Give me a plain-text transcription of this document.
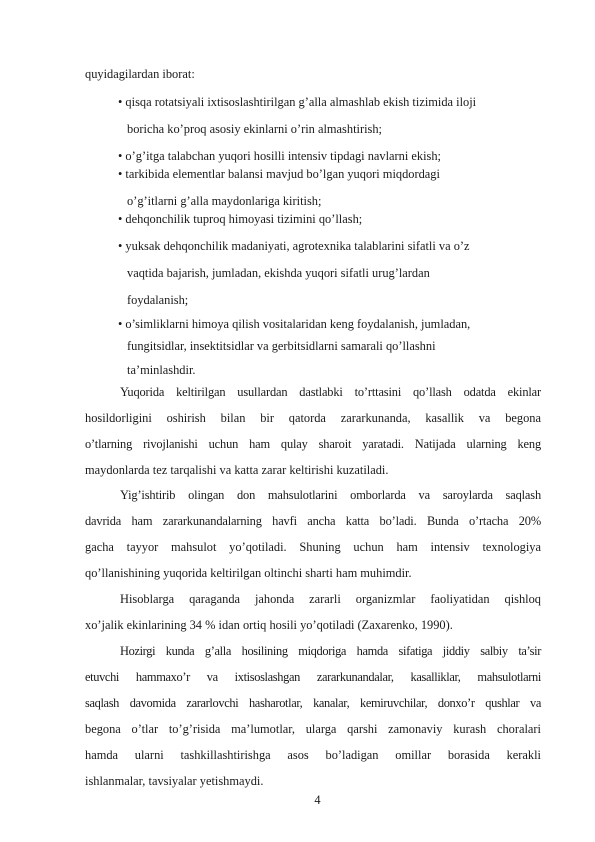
quyidagilardan iborat:
• qisqa rotatsiyali ixtisoslashtirilgan g’alla almashlab ekish tizimida iloji
boricha ko’proq asosiy ekinlarni o’rin almashtirish;
• o’g’itga talabchan yuqori hosilli intensiv tipdagi navlarni ekish;
• tarkibida elementlar balansi mavjud bo’lgan yuqori miqdordagi
o’g’itlarni g’alla maydonlariga kiritish;
• dehqonchilik tuproq himoyasi tizimini qo’llash;
• yuksak dehqonchilik madaniyati, agrotexnika talablarini sifatli va o’z
vaqtida bajarish, jumladan, ekishda yuqori sifatli urug’lardan
foydalanish;
• o’simliklarni himoya qilish vositalaridan keng foydalanish, jumladan,
fungitsidlar, insektitsidlar va gerbitsidlarni samarali qo’llashni
ta’minlashdir.
Yuqorida keltirilgan usullardan dastlabki to’rttasini qo’llash odatda ekinlar
hosildorligini oshirish bilan bir qatorda zararkunanda, kasallik va begona
o’tlarning rivojlanishi uchun ham qulay sharoit yaratadi. Natijada ularning keng
maydonlarda tez tarqalishi va katta zarar keltirishi kuzatiladi.
Yig’ishtirib olingan don mahsulotlarini omborlarda va saroylarda saqlash
davrida ham zararkunandalarning havfi ancha katta bo’ladi. Bunda o’rtacha 20%
gacha tayyor mahsulot yo’qotiladi. Shuning uchun ham intensiv texnologiya
qo’llanishining yuqorida keltirilgan oltinchi sharti ham muhimdir.
Hisoblarga qaraganda jahonda zararli organizmlar faoliyatidan qishloq
xo’jalik ekinlarining 34 % idan ortiq hosili yo’qotiladi (Zaxarenko, 1990).
Hozirgi kunda g’alla hosilining miqdoriga hamda sifatiga jiddiy salbiy ta’sir
etuvchi hammaxo’r va ixtisoslashgan zararkunandalar, kasalliklar, mahsulotlarni
saqlash davomida zararlovchi hasharotlar, kanalar, kemiruvchilar, donxo’r qushlar va
begona o’tlar to’g’risida ma’lumotlar, ularga qarshi zamonaviy kurash choralari
hamda ularni tashkillashtirishga asos bo’ladigan omillar borasida kerakli
ishlanmalar, tavsiyalar yetishmaydi.
4
